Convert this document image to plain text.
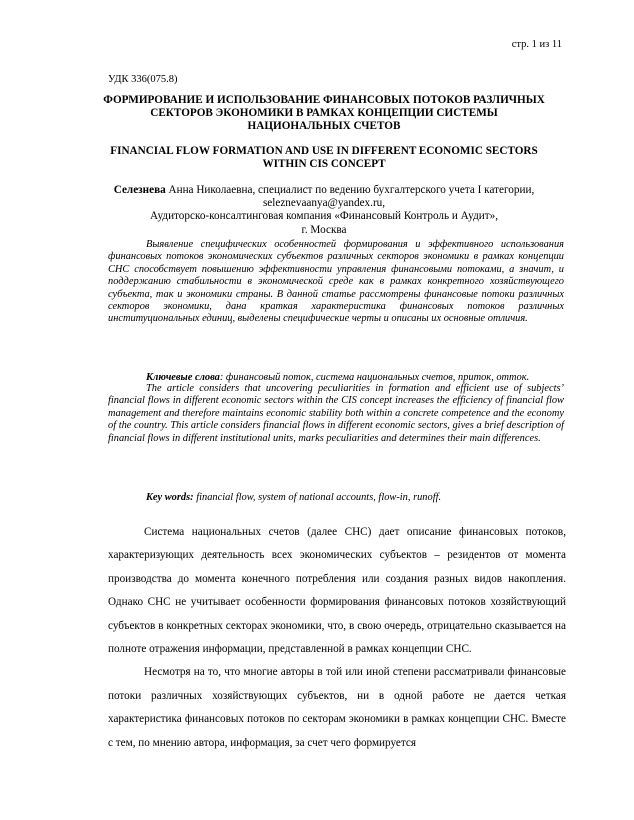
стр. 1 из 11
УДК 336(075.8)
ФОРМИРОВАНИЕ И ИСПОЛЬЗОВАНИЕ ФИНАНСОВЫХ ПОТОКОВ РАЗЛИЧНЫХ СЕКТОРОВ ЭКОНОМИКИ В РАМКАХ КОНЦЕПЦИИ СИСТЕМЫ НАЦИОНАЛЬНЫХ СЧЕТОВ
FINANCIAL FLOW FORMATION AND USE IN DIFFERENT ECONOMIC SECTORS WITHIN CIS CONCEPT
Селезнева Анна Николаевна, специалист по ведению бухгалтерского учета I категории,
seleznevaanya@yandex.ru,
Аудиторско-консалтинговая компания «Финансовый Контроль и Аудит»,
г. Москва
Выявление специфических особенностей формирования и эффективного использования финансовых потоков экономических субъектов различных секторов экономики в рамках концепции СНС способствует повышению эффективности управления финансовыми потоками, а значит, и поддержанию стабильности в экономической среде как в рамках конкретного хозяйствующего субъекта, так и экономики страны. В данной статье рассмотрены финансовые потоки различных секторов экономики, дана краткая характеристика финансовых потоков различных институциональных единиц, выделены специфические черты и описаны их основные отличия.
Ключевые слова: финансовый поток, система национальных счетов, приток, отток.
The article considers that uncovering peculiarities in formation and efficient use of subjects’ financial flows in different economic sectors within the CIS concept increases the efficiency of financial flow management and therefore maintains economic stability both within a concrete competence and the economy of the country. This article considers financial flows in different economic sectors, gives a brief description of financial flows in different institutional units, marks peculiarities and determines their main differences.
Key words: financial flow, system of national accounts, flow-in, runoff.

Система национальных счетов (далее СНС) дает описание финансовых потоков, характеризующих деятельность всех экономических субъектов – резидентов от момента производства до момента конечного потребления или создания разных видов накопления. Однако СНС не учитывает особенности формирования финансовых потоков хозяйствующий субъектов в конкретных секторах экономики, что, в свою очередь, отрицательно сказывается на полноте отражения информации, представленной в рамках концепции СНС.

Несмотря на то, что многие авторы в той или иной степени рассматривали финансовые потоки различных хозяйствующих субъектов, ни в одной работе не дается четкая характеристика финансовых потоков по секторам экономики в рамках концепции СНС. Вместе с тем, по мнению автора, информация, за счет чего формируется
